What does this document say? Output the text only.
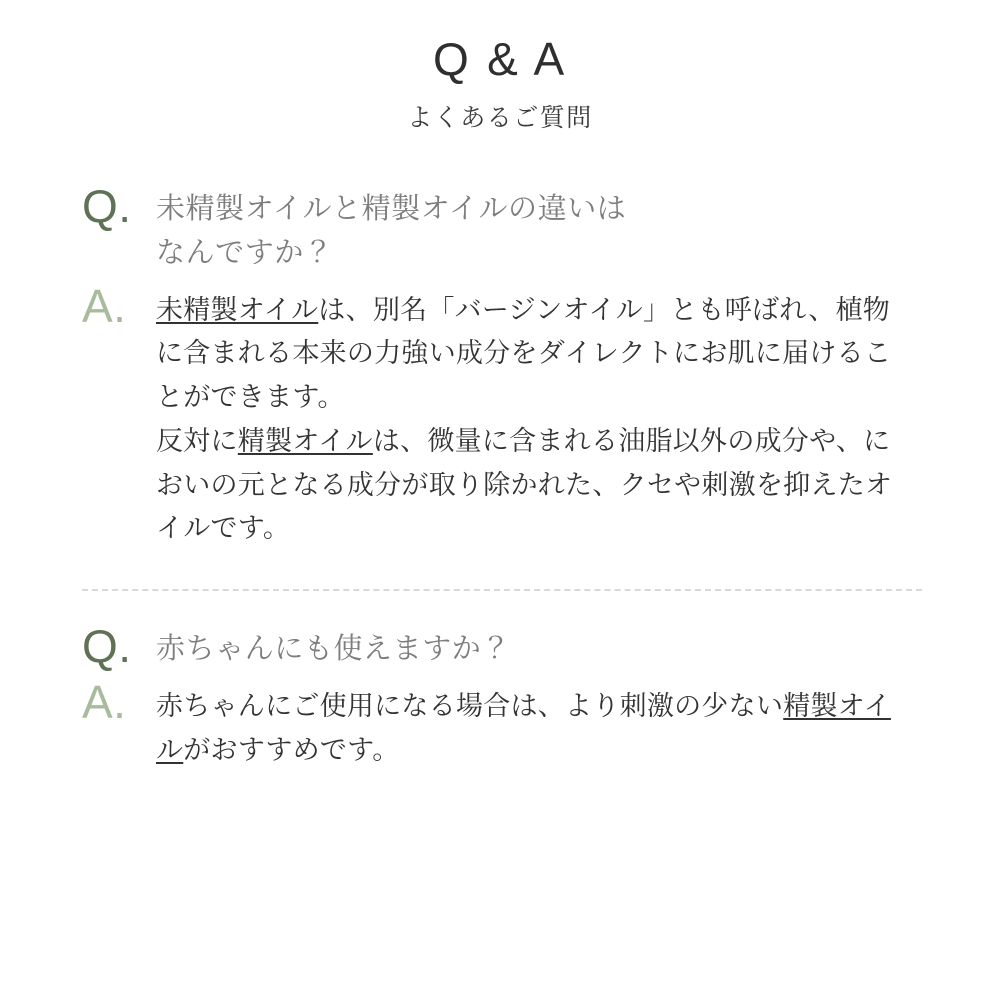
Q & A
よくあるご質問
Q. 未精製オイルと精製オイルの違いは
なんですか？
A.	未精製オイルは、別名「バージンオイル」とも呼ばれ、植物に含まれる本来の力強い成分をダイレクトにお肌に届けることができます。
反対に精製オイルは、微量に含まれる油脂以外の成分や、においの元となる成分が取り除かれた、クセや刺激を抑えたオイルです。
Q. 赤ちゃんにも使えますか？
A.	赤ちゃんにご使用になる場合は、より刺激の少ない精製オイルがおすすめです。
